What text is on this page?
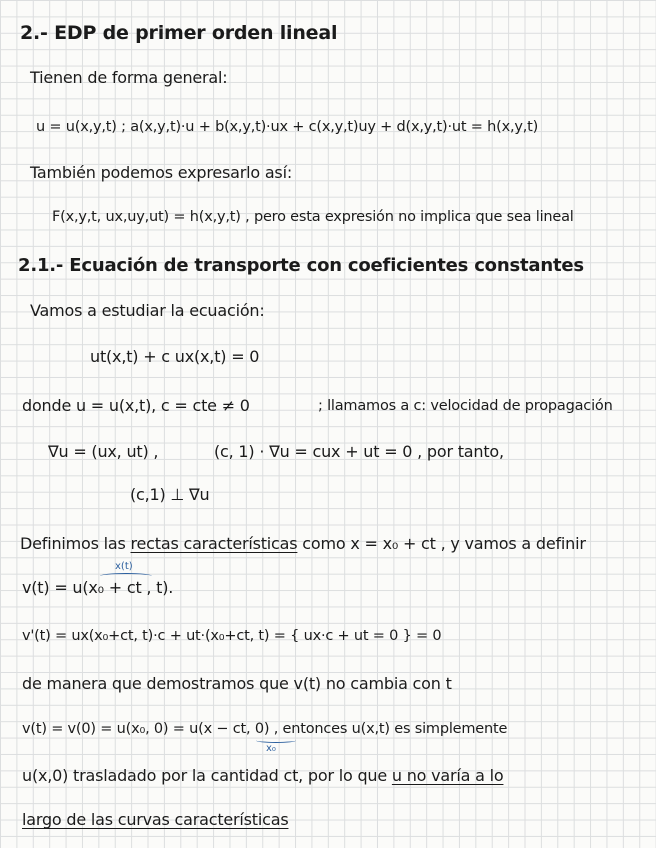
2.- EDP de primer orden lineal
Tienen de forma general:
u = u(x,y,t) ; a(x,y,t)·u + b(x,y,t)·ux + c(x,y,t)uy + d(x,y,t)·ut = h(x,y,t)
También podemos expresarlo así:
F(x,y,t, ux,uy,ut) = h(x,y,t) , pero esta expresión no implica que sea lineal
2.1.- Ecuación de transporte con coeficientes constantes
Vamos a estudiar la ecuación:
ut(x,t) + c ux(x,t) = 0
donde u = u(x,t), c = cte ≠ 0	; llamamos a c: velocidad de propagación
∇u = (ux, ut) ,	(c, 1) · ∇u = cux + ut = 0 , por tanto,
(c,1) ⊥ ∇u
Definimos las rectas características como x = x₀ + ct , y vamos a definir
x(t)
v(t) = u(x₀ + ct , t).
v'(t) = ux(x₀+ct, t)·c + ut·(x₀+ct, t) = { ux·c + ut = 0 } = 0
de manera que demostramos que v(t) no cambia con t
v(t) = v(0) = u(x₀, 0) = u(x − ct, 0) , entonces u(x,t) es simplemente
x₀
u(x,0) trasladado por la cantidad ct, por lo que u no varía a lo
largo de las curvas características
